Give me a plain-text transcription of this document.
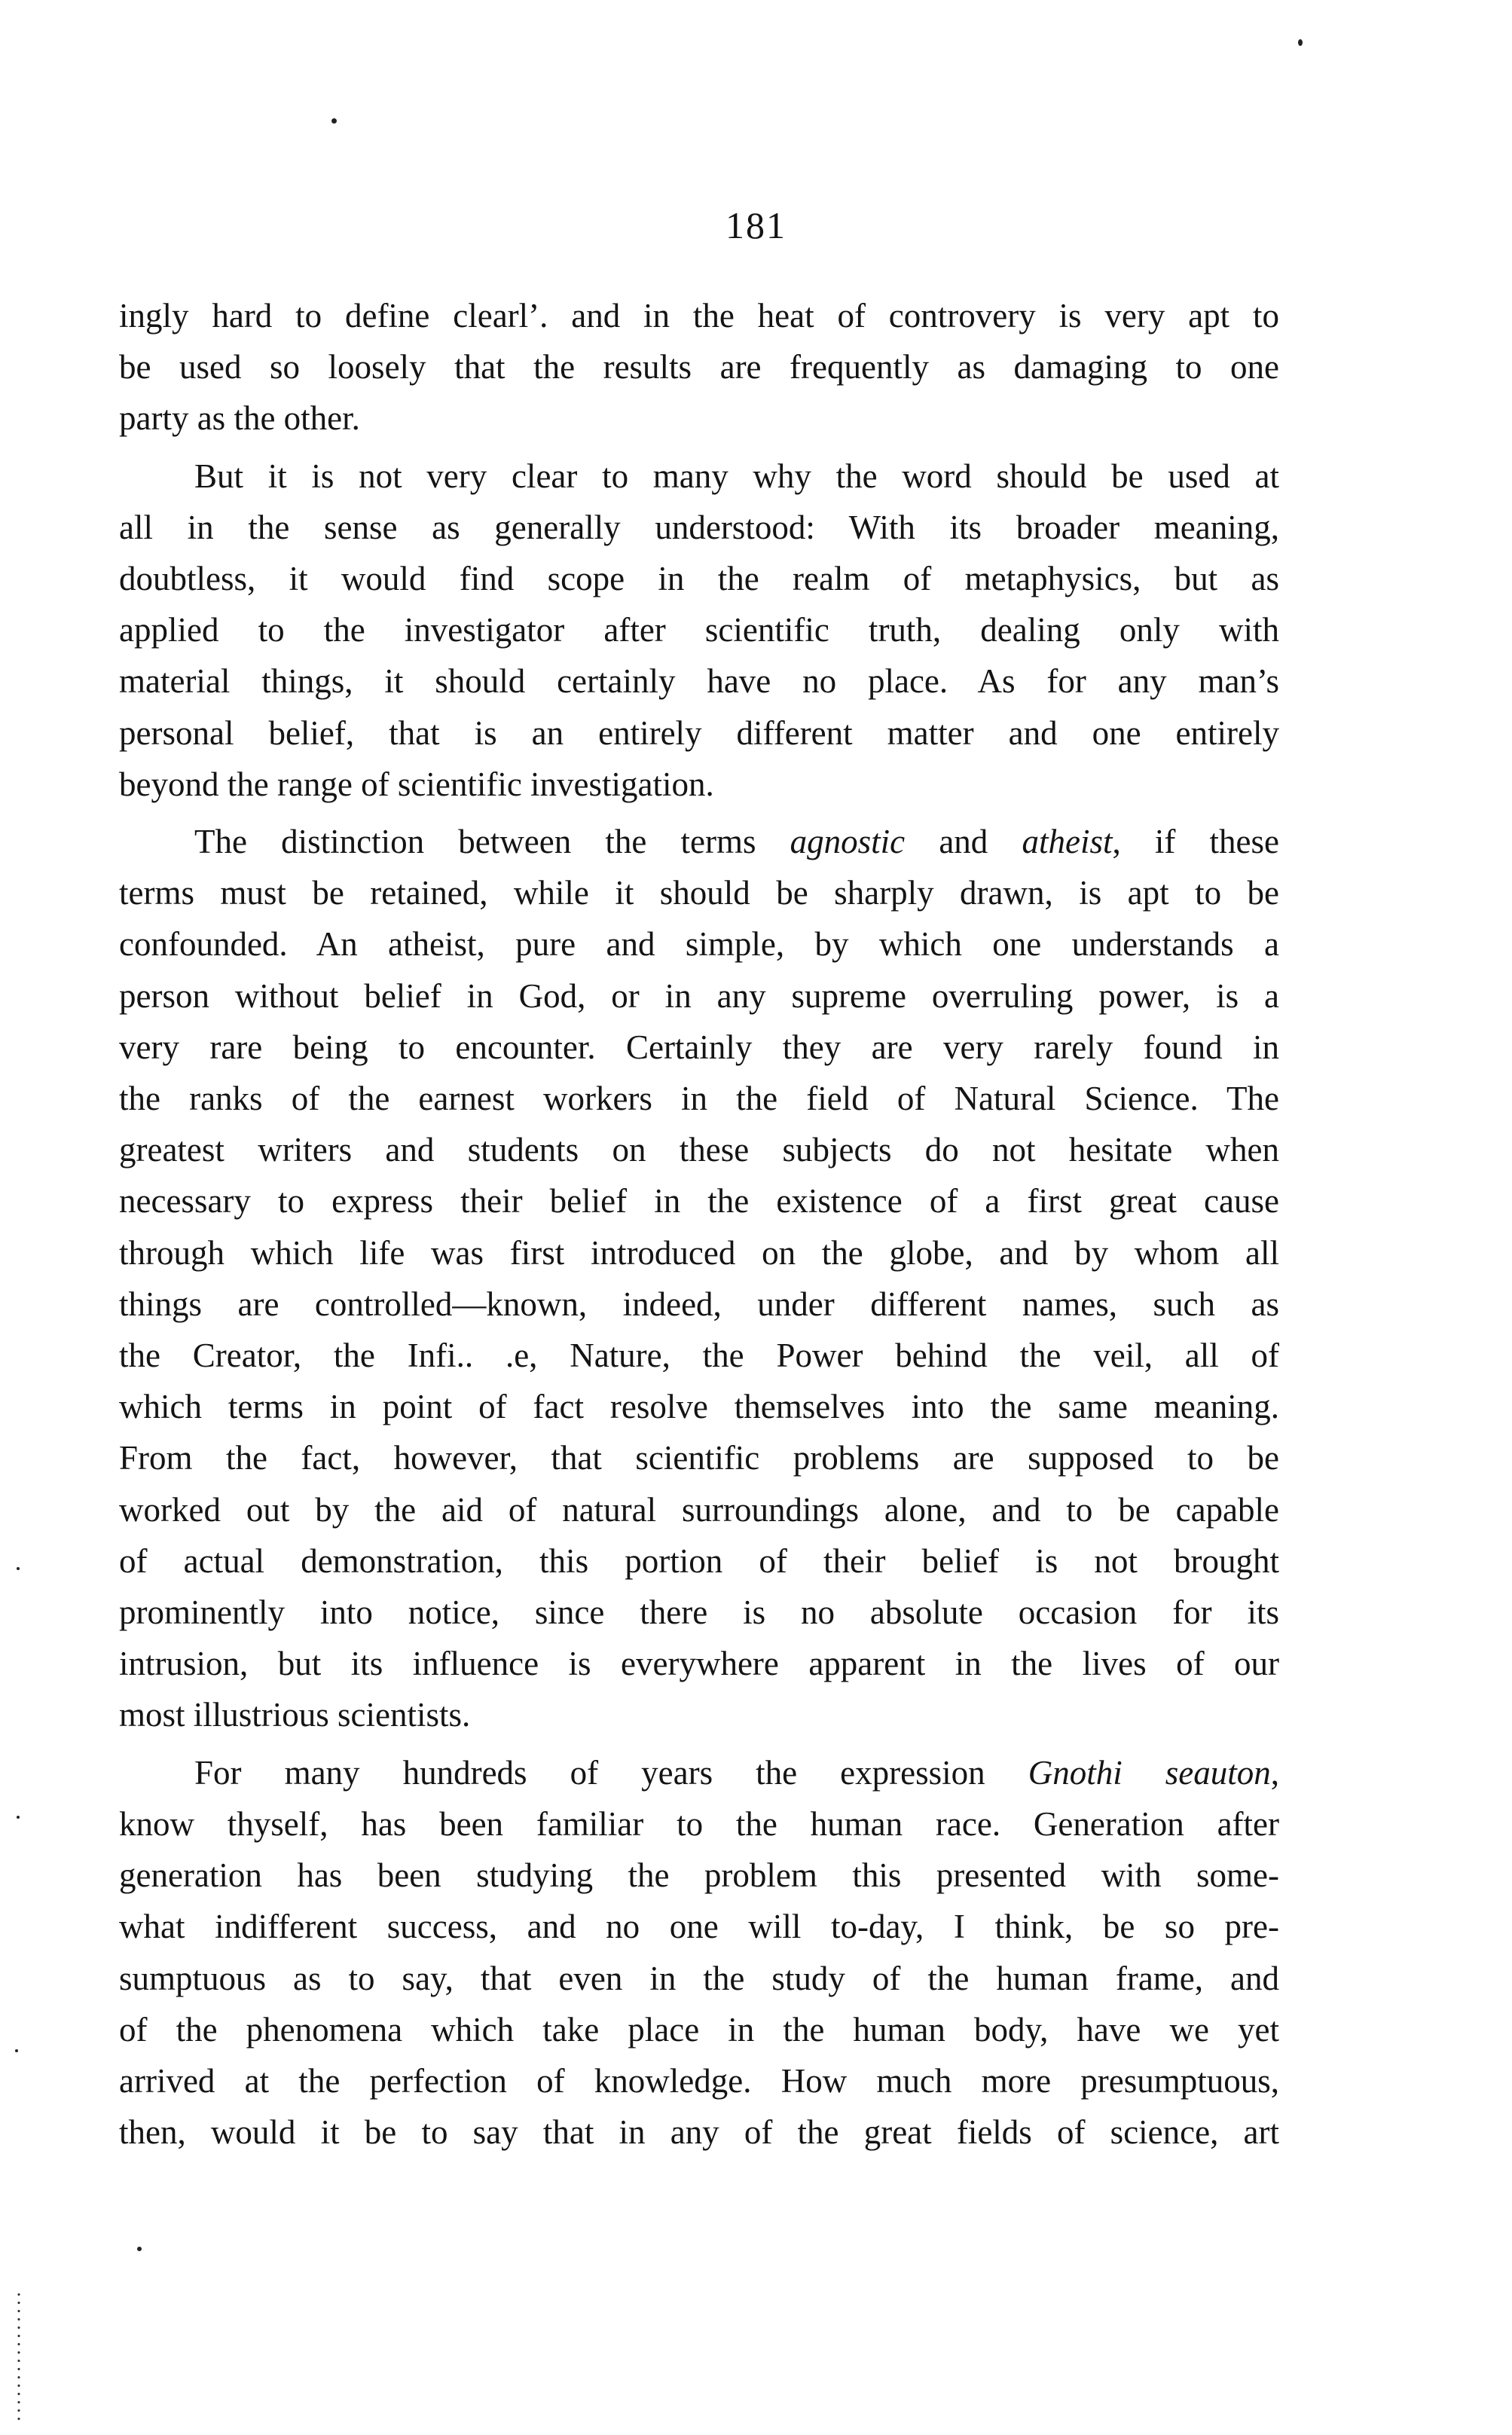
181
ingly hard to define clearl’. and in the heat of controvery is very apt to
be used so loosely that the results are frequently as damaging to one
party as the other.
But it is not very clear to many why the word should be used at
all in the sense as generally understood: With its broader meaning,
doubtless, it would find scope in the realm of metaphysics, but as
applied to the investigator after scientific truth, dealing only with
material things, it should certainly have no place. As for any man’s
personal belief, that is an entirely different matter and one entirely
beyond the range of scientific investigation.
The distinction between the terms agnostic and atheist, if these
terms must be retained, while it should be sharply drawn, is apt to be
confounded. An atheist, pure and simple, by which one understands a
person without belief in God, or in any supreme overruling power, is a
very rare being to encounter. Certainly they are very rarely found in
the ranks of the earnest workers in the field of Natural Science. The
greatest writers and students on these subjects do not hesitate when
necessary to express their belief in the existence of a first great cause
through which life was first introduced on the globe, and by whom all
things are controlled—known, indeed, under different names, such as
the Creator, the Infi.. .e, Nature, the Power behind the veil, all of
which terms in point of fact resolve themselves into the same meaning.
From the fact, however, that scientific problems are supposed to be
worked out by the aid of natural surroundings alone, and to be capable
of actual demonstration, this portion of their belief is not brought
prominently into notice, since there is no absolute occasion for its
intrusion, but its influence is everywhere apparent in the lives of our
most illustrious scientists.
For many hundreds of years the expression Gnothi seauton,
know thyself, has been familiar to the human race. Generation after
generation has been studying the problem this presented with some-
what indifferent success, and no one will to-day, I think, be so pre-
sumptuous as to say, that even in the study of the human frame, and
of the phenomena which take place in the human body, have we yet
arrived at the perfection of knowledge. How much more presumptuous,
then, would it be to say that in any of the great fields of science, art
